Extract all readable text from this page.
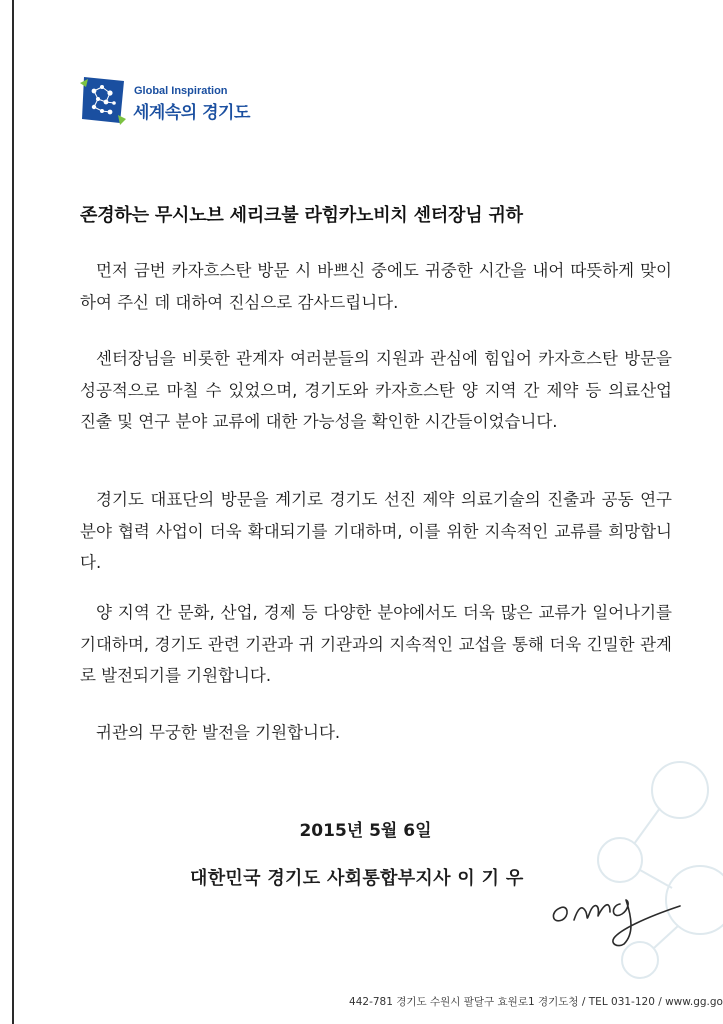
Global Inspiration
세계속의 경기도
존경하는 무시노브 세리크불 라힘카노비치 센터장님 귀하

먼저 금번 카자흐스탄 방문 시 바쁘신 중에도 귀중한 시간을 내어 따뜻하게 맞이하여 주신 데 대하여 진심으로 감사드립니다.

센터장님을 비롯한 관계자 여러분들의 지원과 관심에 힘입어 카자흐스탄 방문을 성공적으로 마칠 수 있었으며, 경기도와 카자흐스탄 양 지역 간 제약 등 의료산업 진출 및 연구 분야 교류에 대한 가능성을 확인한 시간들이었습니다.

경기도 대표단의 방문을 계기로 경기도 선진 제약 의료기술의 진출과 공동 연구 분야 협력 사업이 더욱 확대되기를 기대하며, 이를 위한 지속적인 교류를 희망합니다.

양 지역 간 문화, 산업, 경제 등 다양한 분야에서도 더욱 많은 교류가 일어나기를 기대하며, 경기도 관련 기관과 귀 기관과의 지속적인 교섭을 통해 더욱 긴밀한 관계로 발전되기를 기원합니다.

귀관의 무궁한 발전을 기원합니다.

2015년 5월 6일
대한민국 경기도 사회통합부지사 이 기 우
442-781 경기도 수원시 팔달구 효원로1 경기도청 / TEL 031-120 / www.gg.go
